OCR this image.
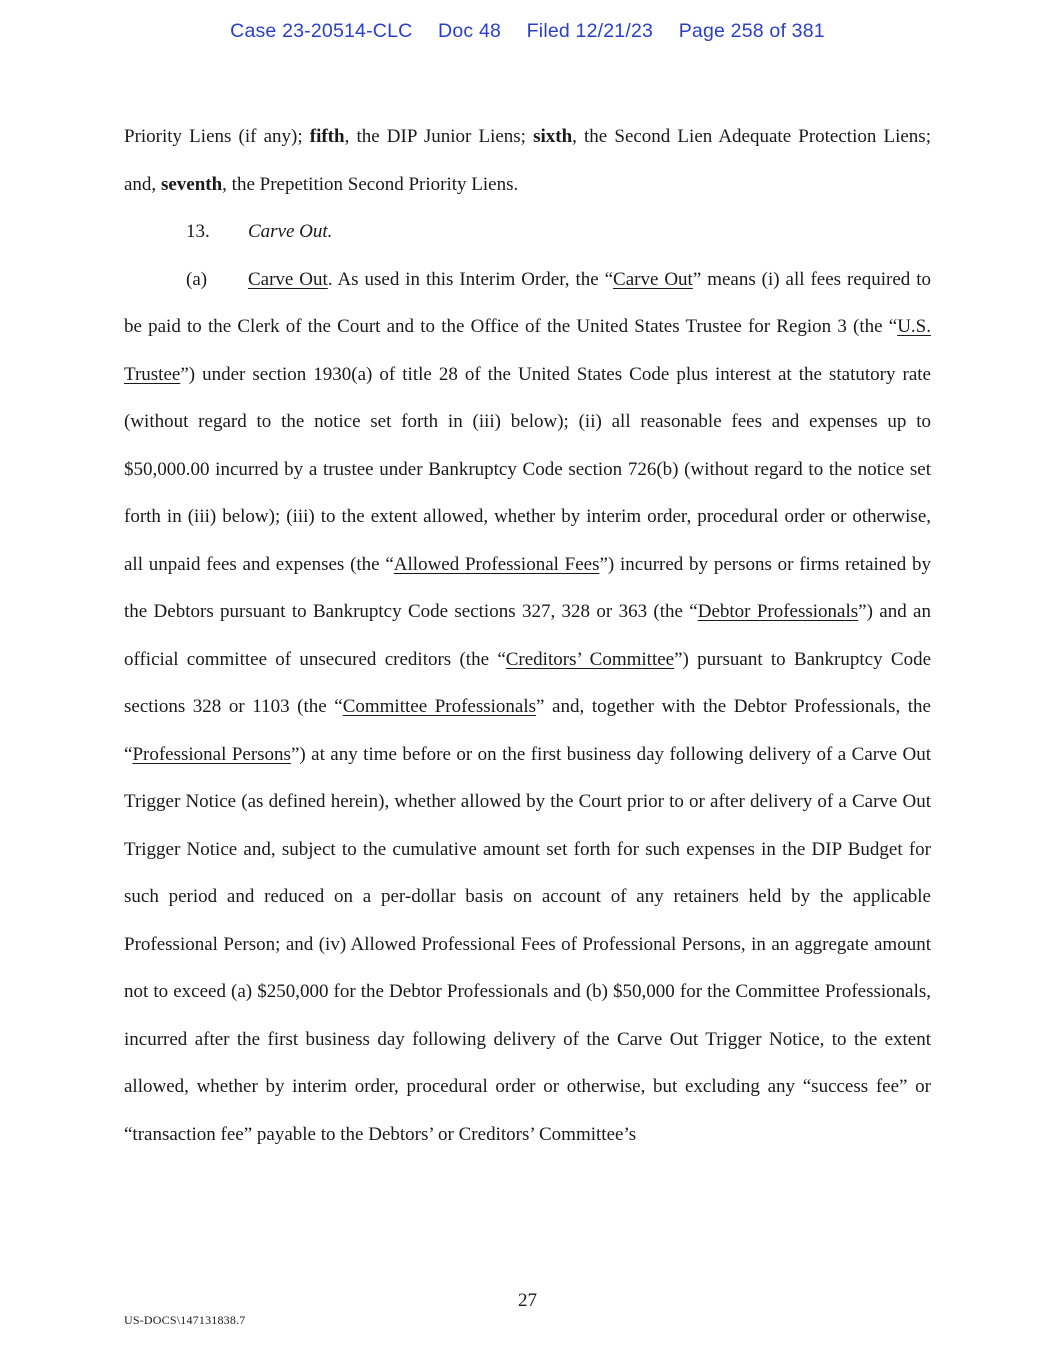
Case 23-20514-CLC Doc 48 Filed 12/21/23 Page 258 of 381

Priority Liens (if any); fifth, the DIP Junior Liens; sixth, the Second Lien Adequate Protection Liens; and, seventh, the Prepetition Second Priority Liens.

13. Carve Out.

(a) Carve Out. As used in this Interim Order, the “Carve Out” means (i) all fees required to be paid to the Clerk of the Court and to the Office of the United States Trustee for Region 3 (the “U.S. Trustee”) under section 1930(a) of title 28 of the United States Code plus interest at the statutory rate (without regard to the notice set forth in (iii) below); (ii) all reasonable fees and expenses up to $50,000.00 incurred by a trustee under Bankruptcy Code section 726(b) (without regard to the notice set forth in (iii) below); (iii) to the extent allowed, whether by interim order, procedural order or otherwise, all unpaid fees and expenses (the “Allowed Professional Fees”) incurred by persons or firms retained by the Debtors pursuant to Bankruptcy Code sections 327, 328 or 363 (the “Debtor Professionals”) and an official committee of unsecured creditors (the “Creditors’ Committee”) pursuant to Bankruptcy Code sections 328 or 1103 (the “Committee Professionals” and, together with the Debtor Professionals, the “Professional Persons”) at any time before or on the first business day following delivery of a Carve Out Trigger Notice (as defined herein), whether allowed by the Court prior to or after delivery of a Carve Out Trigger Notice and, subject to the cumulative amount set forth for such expenses in the DIP Budget for such period and reduced on a per-dollar basis on account of any retainers held by the applicable Professional Person; and (iv) Allowed Professional Fees of Professional Persons, in an aggregate amount not to exceed (a) $250,000 for the Debtor Professionals and (b) $50,000 for the Committee Professionals, incurred after the first business day following delivery of the Carve Out Trigger Notice, to the extent allowed, whether by interim order, procedural order or otherwise, but excluding any “success fee” or “transaction fee” payable to the Debtors’ or Creditors’ Committee’s

27
US-DOCS\147131838.7
